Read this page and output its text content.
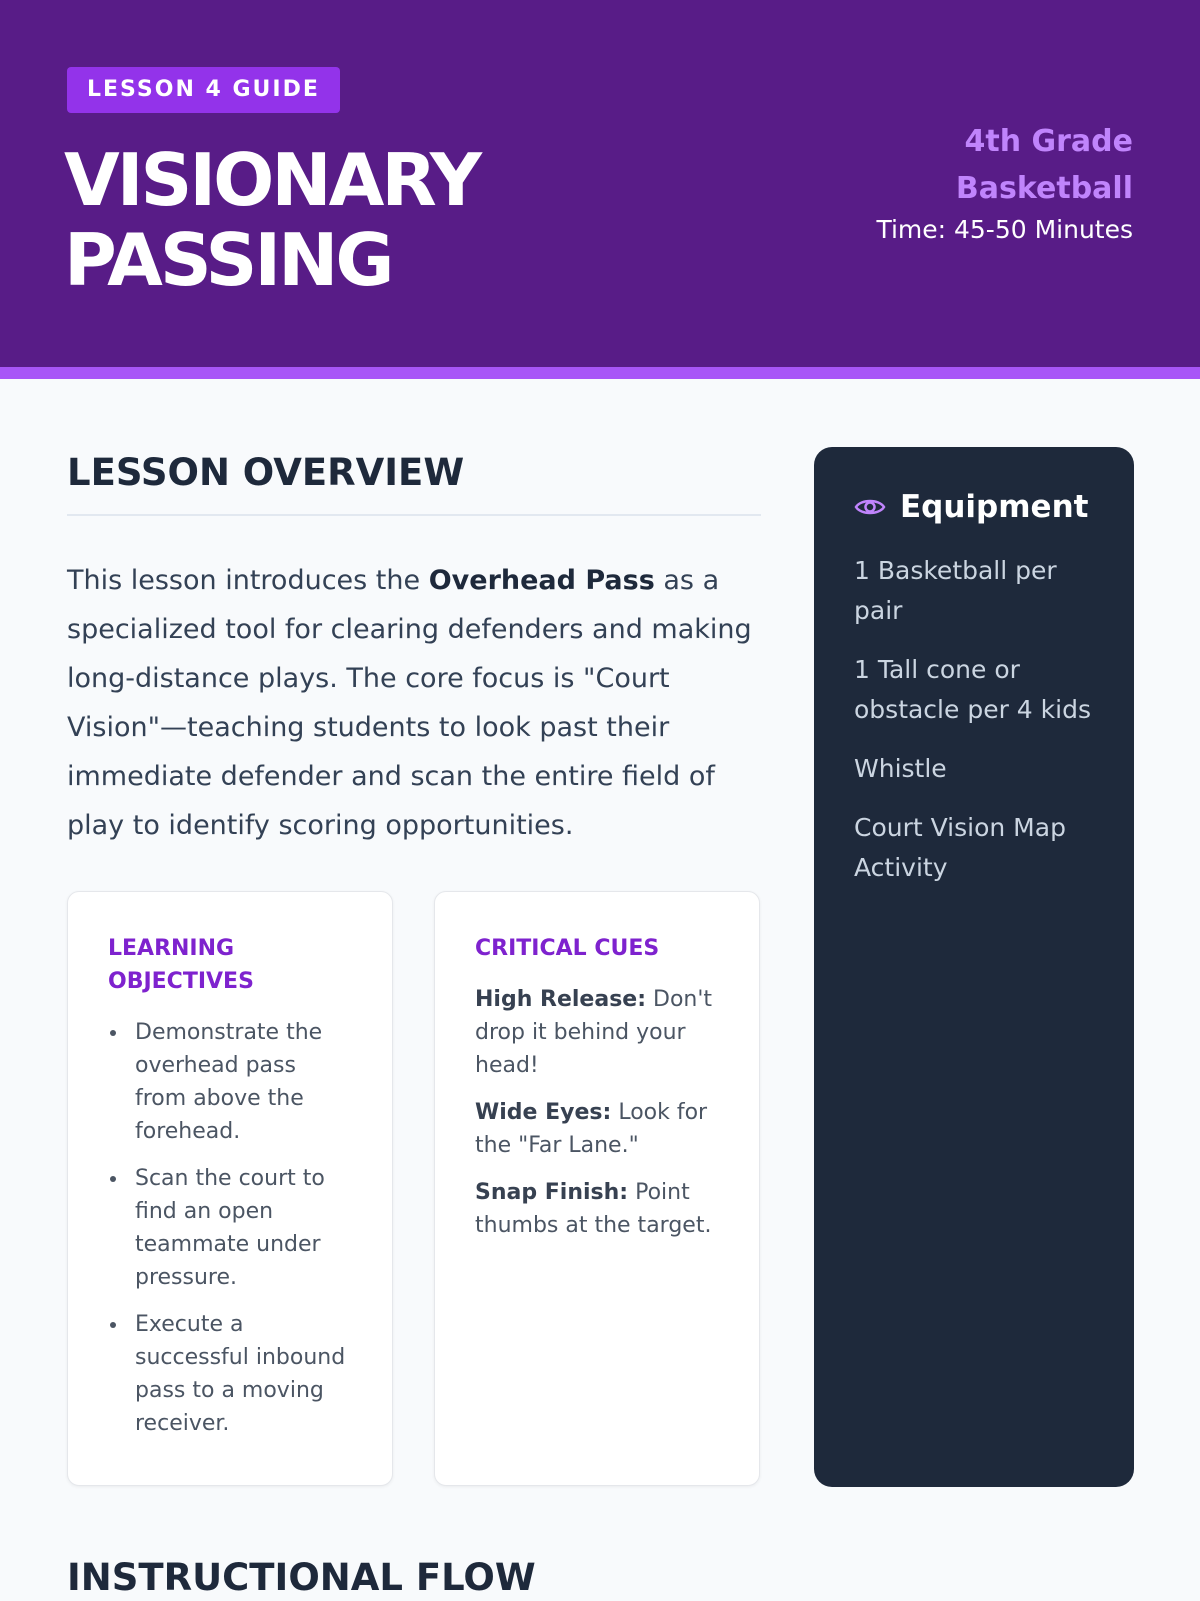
LESSON 4 GUIDE
VISIONARY
PASSING
4th Grade Basketball
Time: 45-50 Minutes
LESSON OVERVIEW

This lesson introduces the Overhead Pass as a specialized tool for clearing defenders and making long-distance plays. The core focus is "Court Vision"—teaching students to look past their immediate defender and scan the entire field of play to identify scoring opportunities.

LEARNING OBJECTIVES
Demonstrate the overhead pass from above the forehead.
Scan the court to find an open teammate under pressure.
Execute a successful inbound pass to a moving receiver.
CRITICAL CUES

High Release: Don't drop it behind your head!

Wide Eyes: Look for the "Far Lane."

Snap Finish: Point thumbs at the target.

Equipment
1 Basketball per pair
1 Tall cone or obstacle per 4 kids
Whistle
Court Vision Map Activity
INSTRUCTIONAL FLOW
